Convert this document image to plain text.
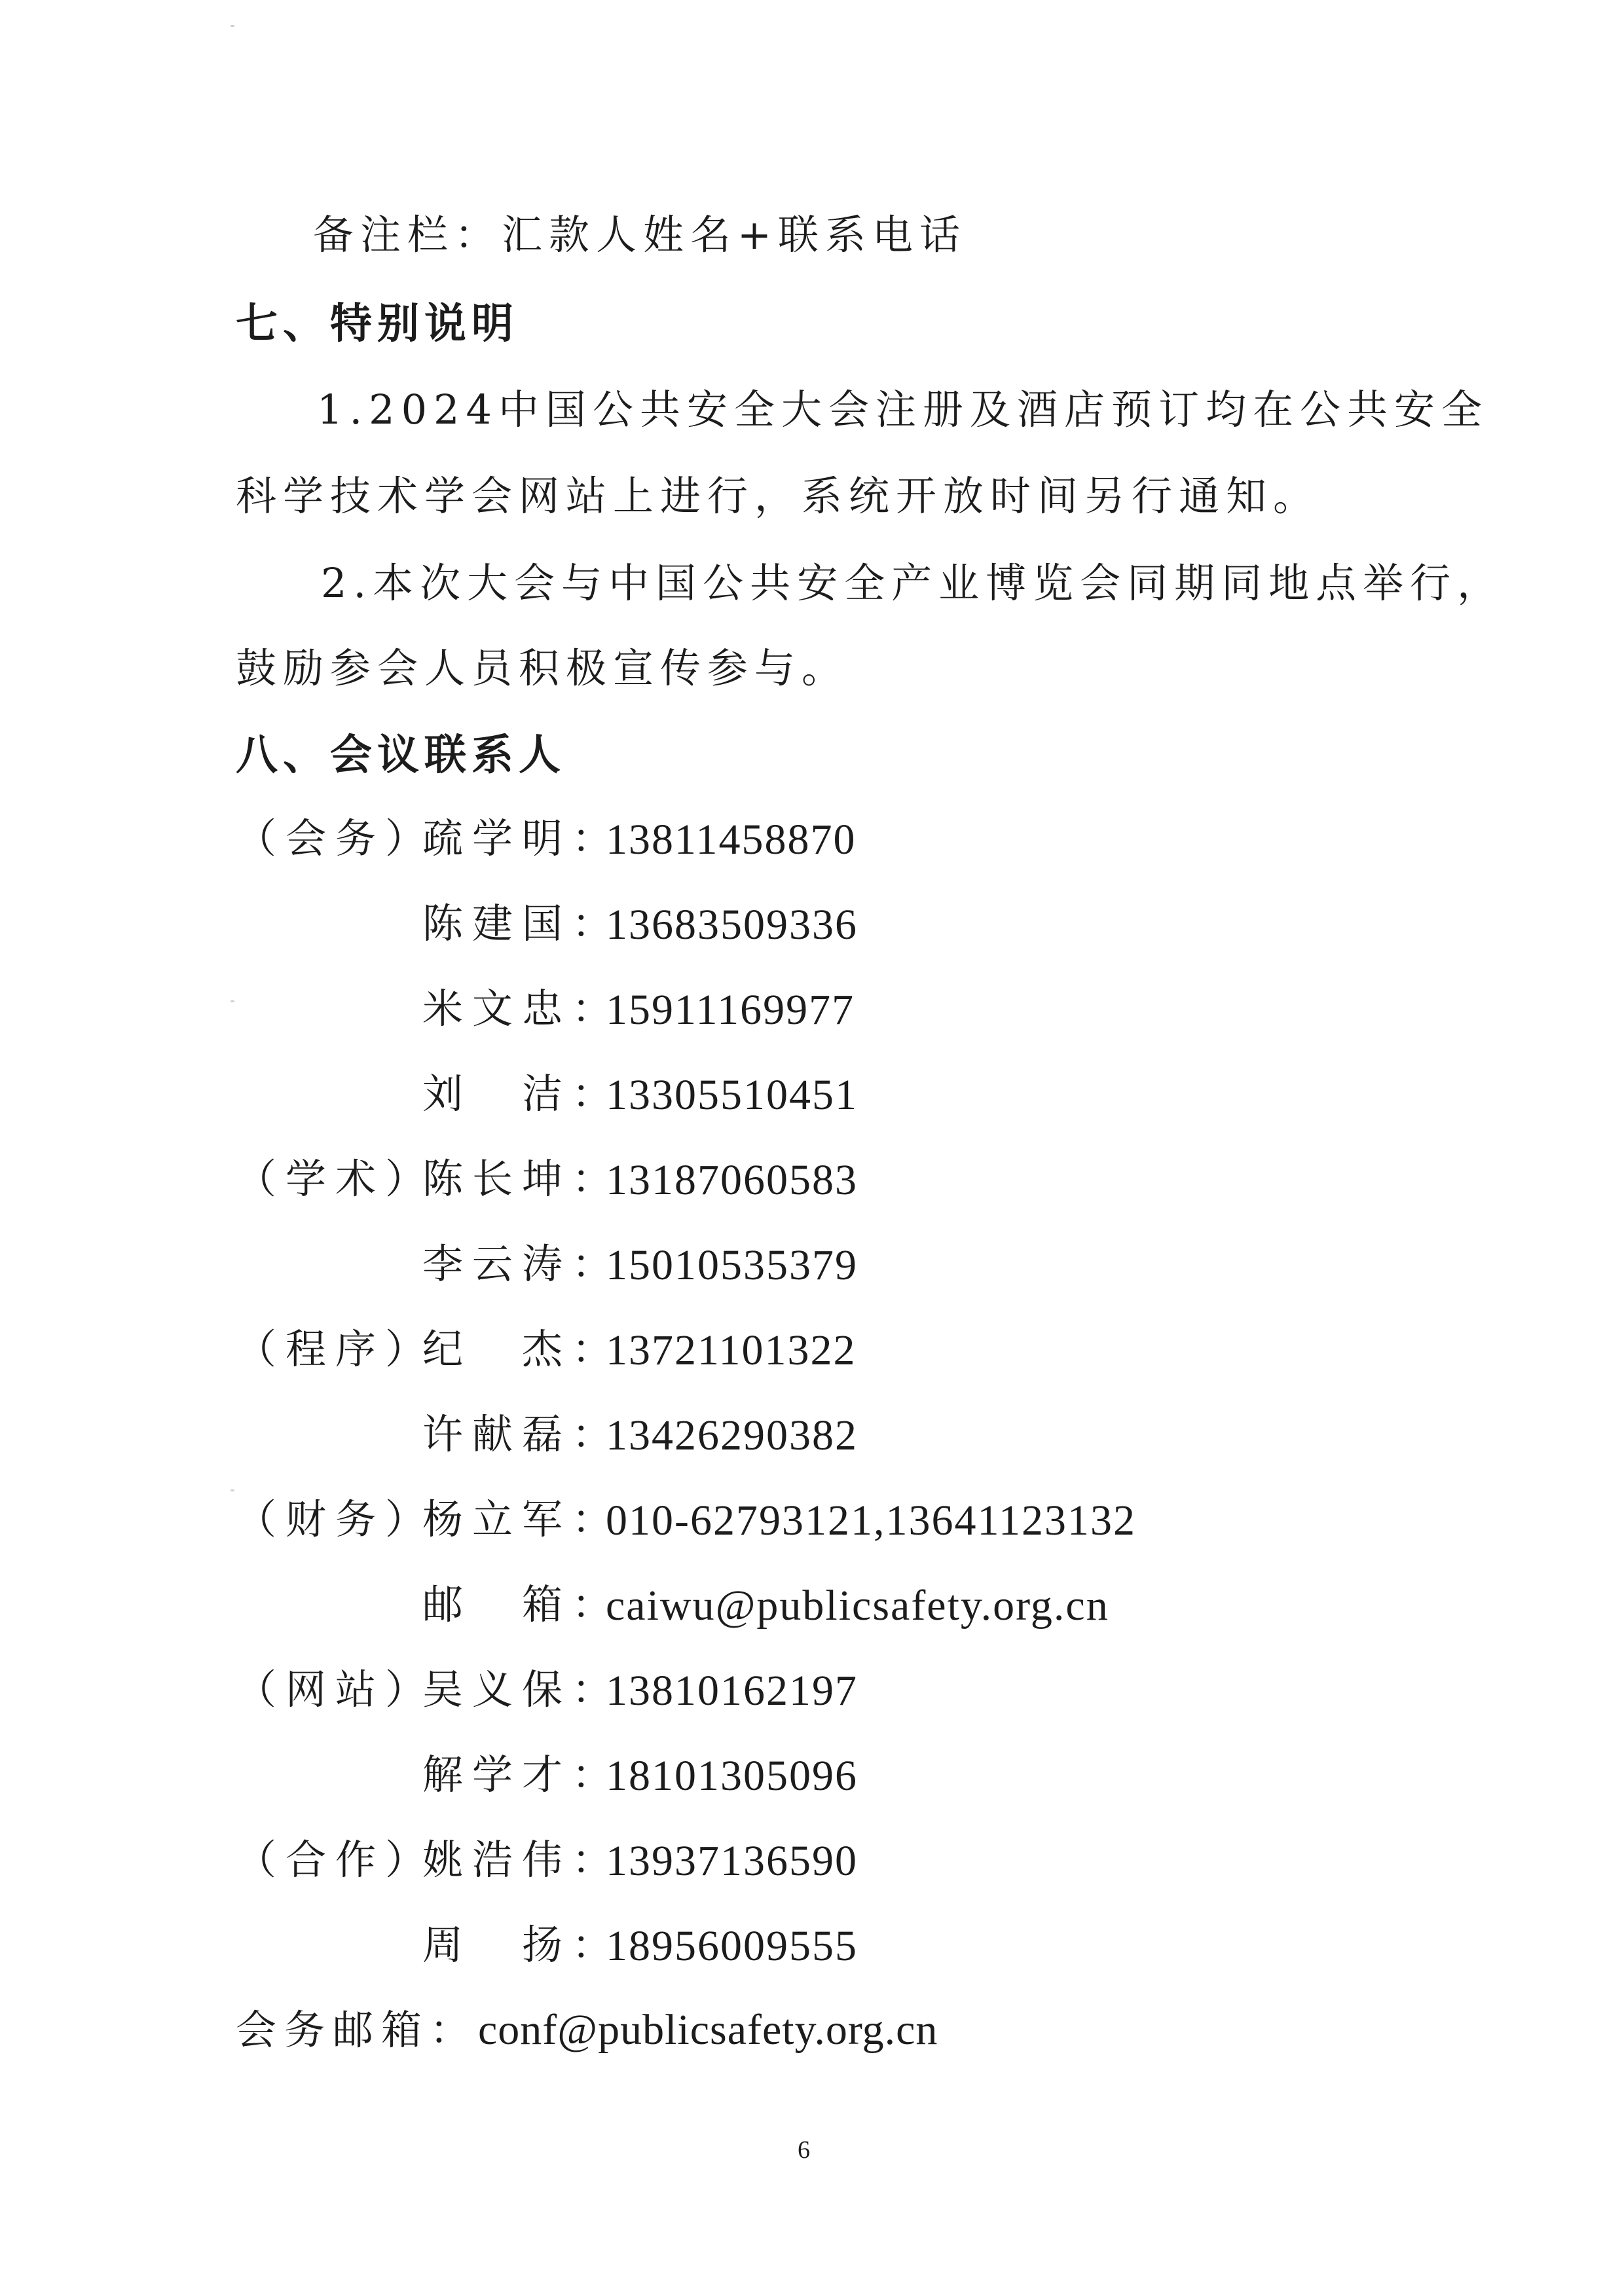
备注栏：汇款人姓名+联系电话
七、特别说明
1.2024中国公共安全大会注册及酒店预订均在公共安全
科学技术学会网站上进行，系统开放时间另行通知。
2.本次大会与中国公共安全产业博览会同期同地点举行，
鼓励参会人员积极宣传参与。
八、会议联系人
（会务）
疏学明：
13811458870
陈建国：
13683509336
米文忠：
15911169977
刘　洁：
13305510451
（学术）
陈长坤：
13187060583
李云涛：
15010535379
（程序）
纪　杰：
13721101322
许献磊：
13426290382
（财务）
杨立军：
010-62793121,13641123132
邮　箱：
caiwu@publicsafety.org.cn
（网站）
吴义保：
13810162197
解学才：
18101305096
（合作）
姚浩伟：
13937136590
周　扬：
18956009555
会务邮箱：conf@publicsafety.org.cn
6
